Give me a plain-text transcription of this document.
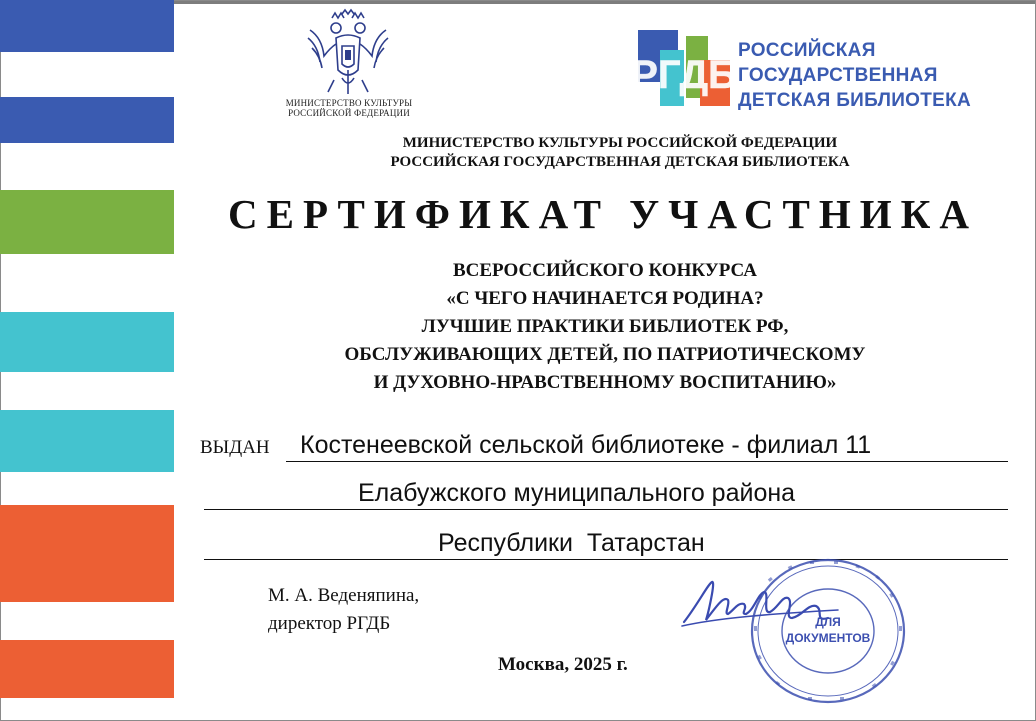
МИНИСТЕРСТВО КУЛЬТУРЫ
РОССИЙСКОЙ ФЕДЕРАЦИИ
РГДБ
РОССИЙСКАЯ
ГОСУДАРСТВЕННАЯ
ДЕТСКАЯ БИБЛИОТЕКА
МИНИСТЕРСТВО КУЛЬТУРЫ РОССИЙСКОЙ ФЕДЕРАЦИИ
РОССИЙСКАЯ ГОСУДАРСТВЕННАЯ ДЕТСКАЯ БИБЛИОТЕКА
СЕРТИФИКАТ УЧАСТНИКА
ВСЕРОССИЙСКОГО КОНКУРСА
«С ЧЕГО НАЧИНАЕТСЯ РОДИНА?
ЛУЧШИЕ ПРАКТИКИ БИБЛИОТЕК РФ,
ОБСЛУЖИВАЮЩИХ ДЕТЕЙ, ПО ПАТРИОТИЧЕСКОМУ
И ДУХОВНО-НРАВСТВЕННОМУ ВОСПИТАНИЮ»
ВЫДАН Костенеевской сельской библиотеке - филиал 11
Елабужского муниципального района
Республики  Татарстан
М. А. Веденяпина,
директор РГДБ	ДЛЯ
ДОКУМЕНТОВ
Москва, 2025 г.
